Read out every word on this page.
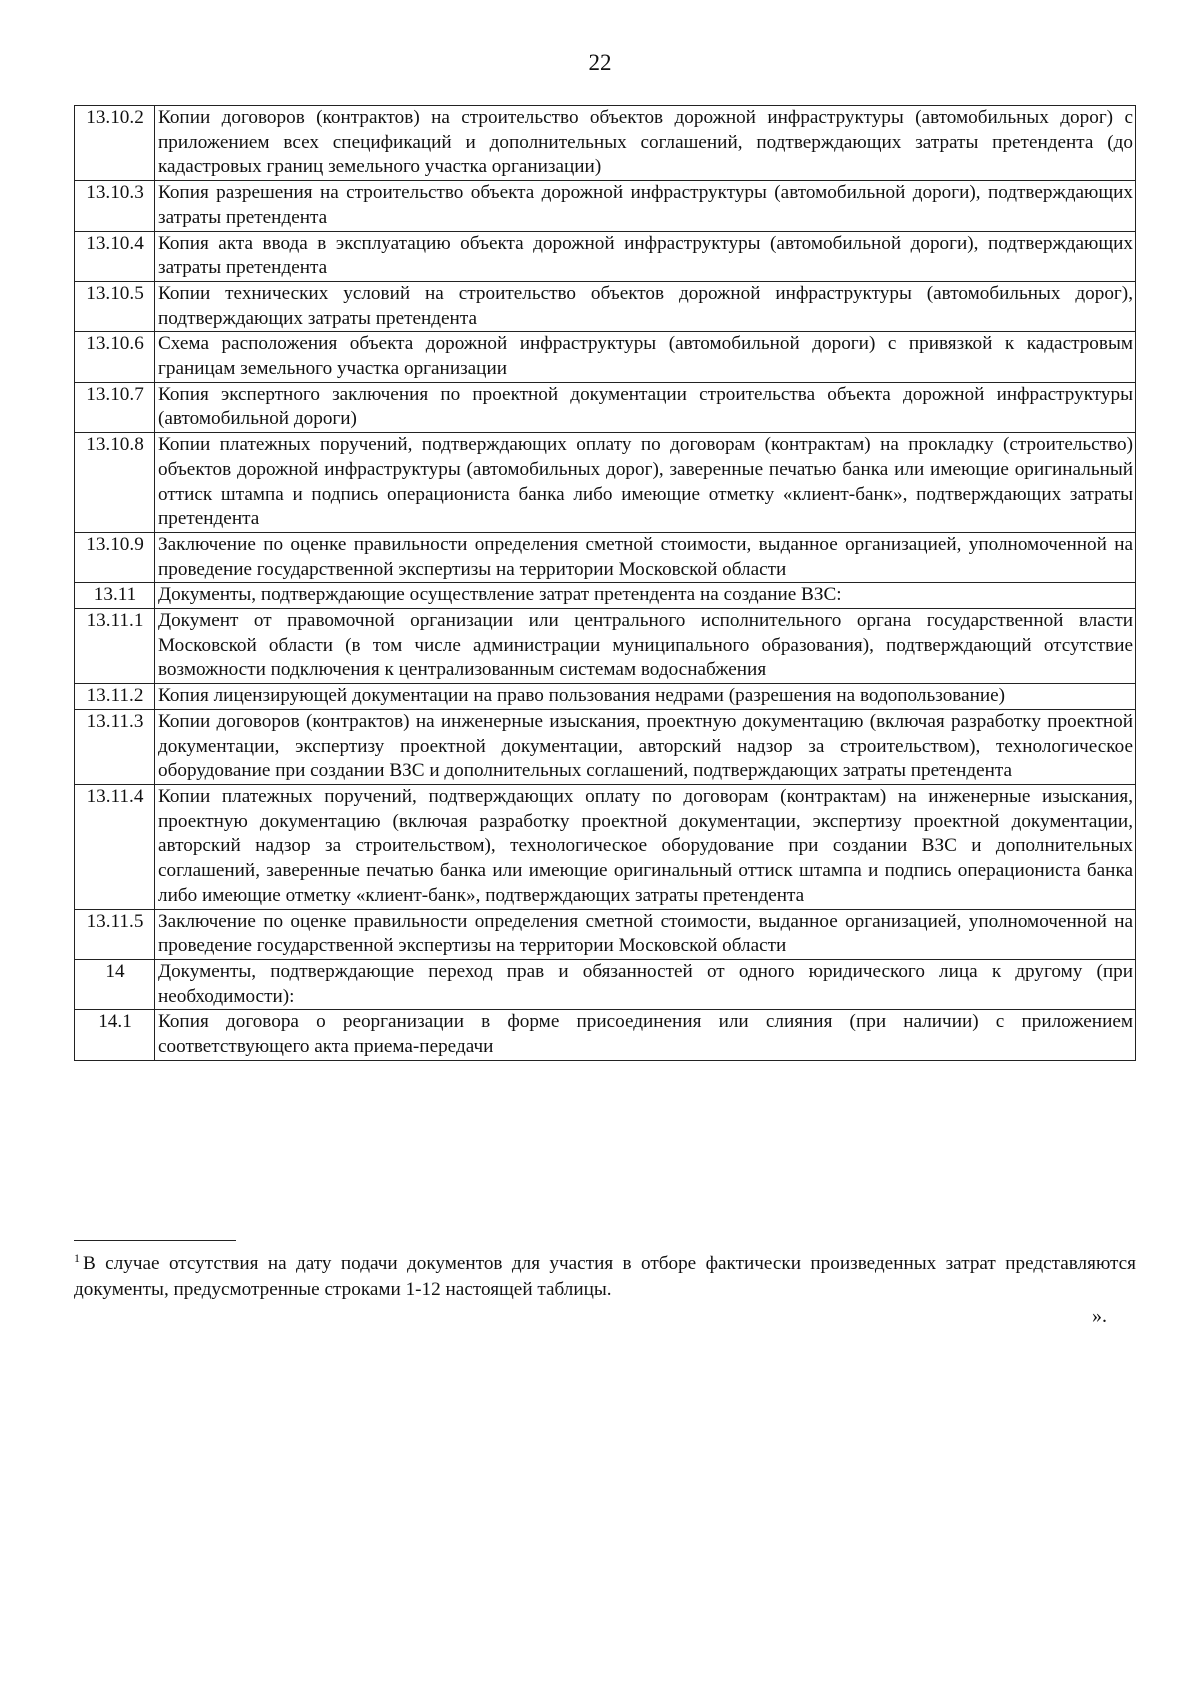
22
13.10.2	Копии договоров (контрактов) на строительство объектов дорожной инфраструктуры (автомобильных дорог) с приложением всех спецификаций и дополнительных соглашений, подтверждающих затраты претендента (до кадастровых границ земельного участка организации)
13.10.3	Копия разрешения на строительство объекта дорожной инфраструктуры (автомобильной дороги), подтверждающих затраты претендента
13.10.4	Копия акта ввода в эксплуатацию объекта дорожной инфраструктуры (автомобильной дороги), подтверждающих затраты претендента
13.10.5	Копии технических условий на строительство объектов дорожной инфраструктуры (автомобильных дорог), подтверждающих затраты претендента
13.10.6	Схема расположения объекта дорожной инфраструктуры (автомобильной дороги) с привязкой к кадастровым границам земельного участка организации
13.10.7	Копия экспертного заключения по проектной документации строительства объекта дорожной инфраструктуры (автомобильной дороги)
13.10.8	Копии платежных поручений, подтверждающих оплату по договорам (контрактам) на прокладку (строительство) объектов дорожной инфраструктуры (автомобильных дорог), заверенные печатью банка или имеющие оригинальный оттиск штампа и подпись операциониста банка либо имеющие отметку «клиент-банк», подтверждающих затраты претендента
13.10.9	Заключение по оценке правильности определения сметной стоимости, выданное организацией, уполномоченной на проведение государственной экспертизы на территории Московской области
13.11	Документы, подтверждающие осуществление затрат претендента на создание ВЗС:
13.11.1	Документ от правомочной организации или центрального исполнительного органа государственной власти Московской области (в том числе администрации муниципального образования), подтверждающий отсутствие возможности подключения к централизованным системам водоснабжения
13.11.2	Копия лицензирующей документации на право пользования недрами (разрешения на водопользование)
13.11.3	Копии договоров (контрактов) на инженерные изыскания, проектную документацию (включая разработку проектной документации, экспертизу проектной документации, авторский надзор за строительством), технологическое оборудование при создании ВЗС и дополнительных соглашений, подтверждающих затраты претендента
13.11.4	Копии платежных поручений, подтверждающих оплату по договорам (контрактам) на инженерные изыскания, проектную документацию (включая разработку проектной документации, экспертизу проектной документации, авторский надзор за строительством), технологическое оборудование при создании ВЗС и дополнительных соглашений, заверенные печатью банка или имеющие оригинальный оттиск штампа и подпись операциониста банка либо имеющие отметку «клиент-банк», подтверждающих затраты претендента
13.11.5	Заключение по оценке правильности определения сметной стоимости, выданное организацией, уполномоченной на проведение государственной экспертизы на территории Московской области
14	Документы, подтверждающие переход прав и обязанностей от одного юридического лица к другому (при необходимости):
14.1	Копия договора о реорганизации в форме присоединения или слияния (при наличии) с приложением соответствующего акта приема-передачи
$^1$ В случае отсутствия на дату подачи документов для участия в отборе фактически произведенных затрат представляются документы, предусмотренные строками 1-12 настоящей таблицы.
».
